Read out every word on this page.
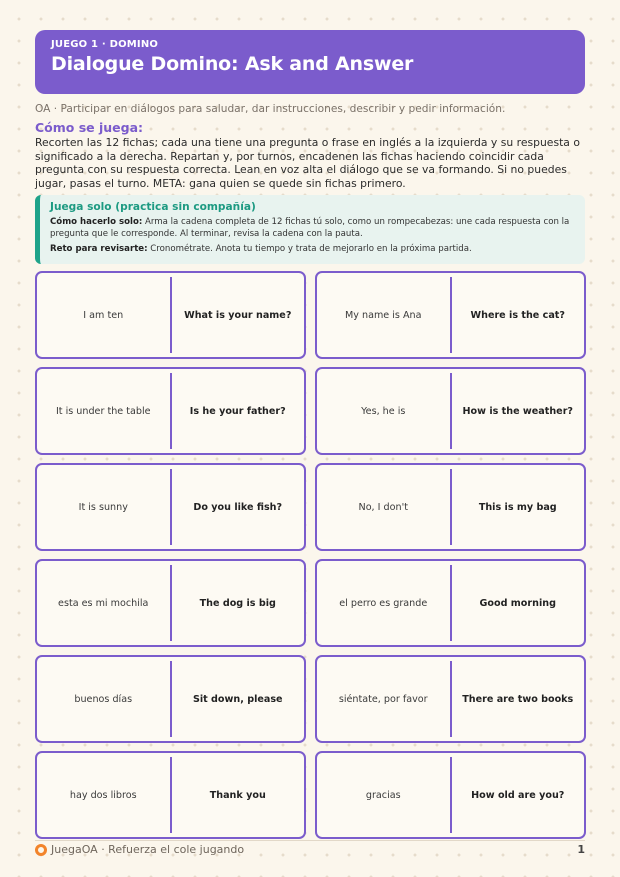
JUEGO 1 · DOMINO
Dialogue Domino: Ask and Answer
OA · Participar en diálogos para saludar, dar instrucciones, describir y pedir información.
Cómo se juega:
Recorten las 12 fichas; cada una tiene una pregunta o frase en inglés a la izquierda y su respuesta o significado a la derecha. Repartan y, por turnos, encadenen las fichas haciendo coincidir cada pregunta con su respuesta correcta. Lean en voz alta el diálogo que se va formando. Si no puedes jugar, pasas el turno. META: gana quien se quede sin fichas primero.
Juega solo (practica sin compañía)
Cómo hacerlo solo: Arma la cadena completa de 12 fichas tú solo, como un rompecabezas: une cada respuesta con la pregunta que le corresponde. Al terminar, revisa la cadena con la pauta.
Reto para revisarte: Cronométrate. Anota tu tiempo y trata de mejorarlo en la próxima partida.
I am ten	What is your name?	My name is Ana	Where is the cat?
It is under the table	Is he your father?	Yes, he is	How is the weather?
It is sunny	Do you like fish?	No, I don't	This is my bag
esta es mi mochila	The dog is big	el perro es grande	Good morning
buenos días	Sit down, please	siéntate, por favor	There are two books
hay dos libros	Thank you	gracias	How old are you?
JuegaOA · Refuerza el cole jugando	1
